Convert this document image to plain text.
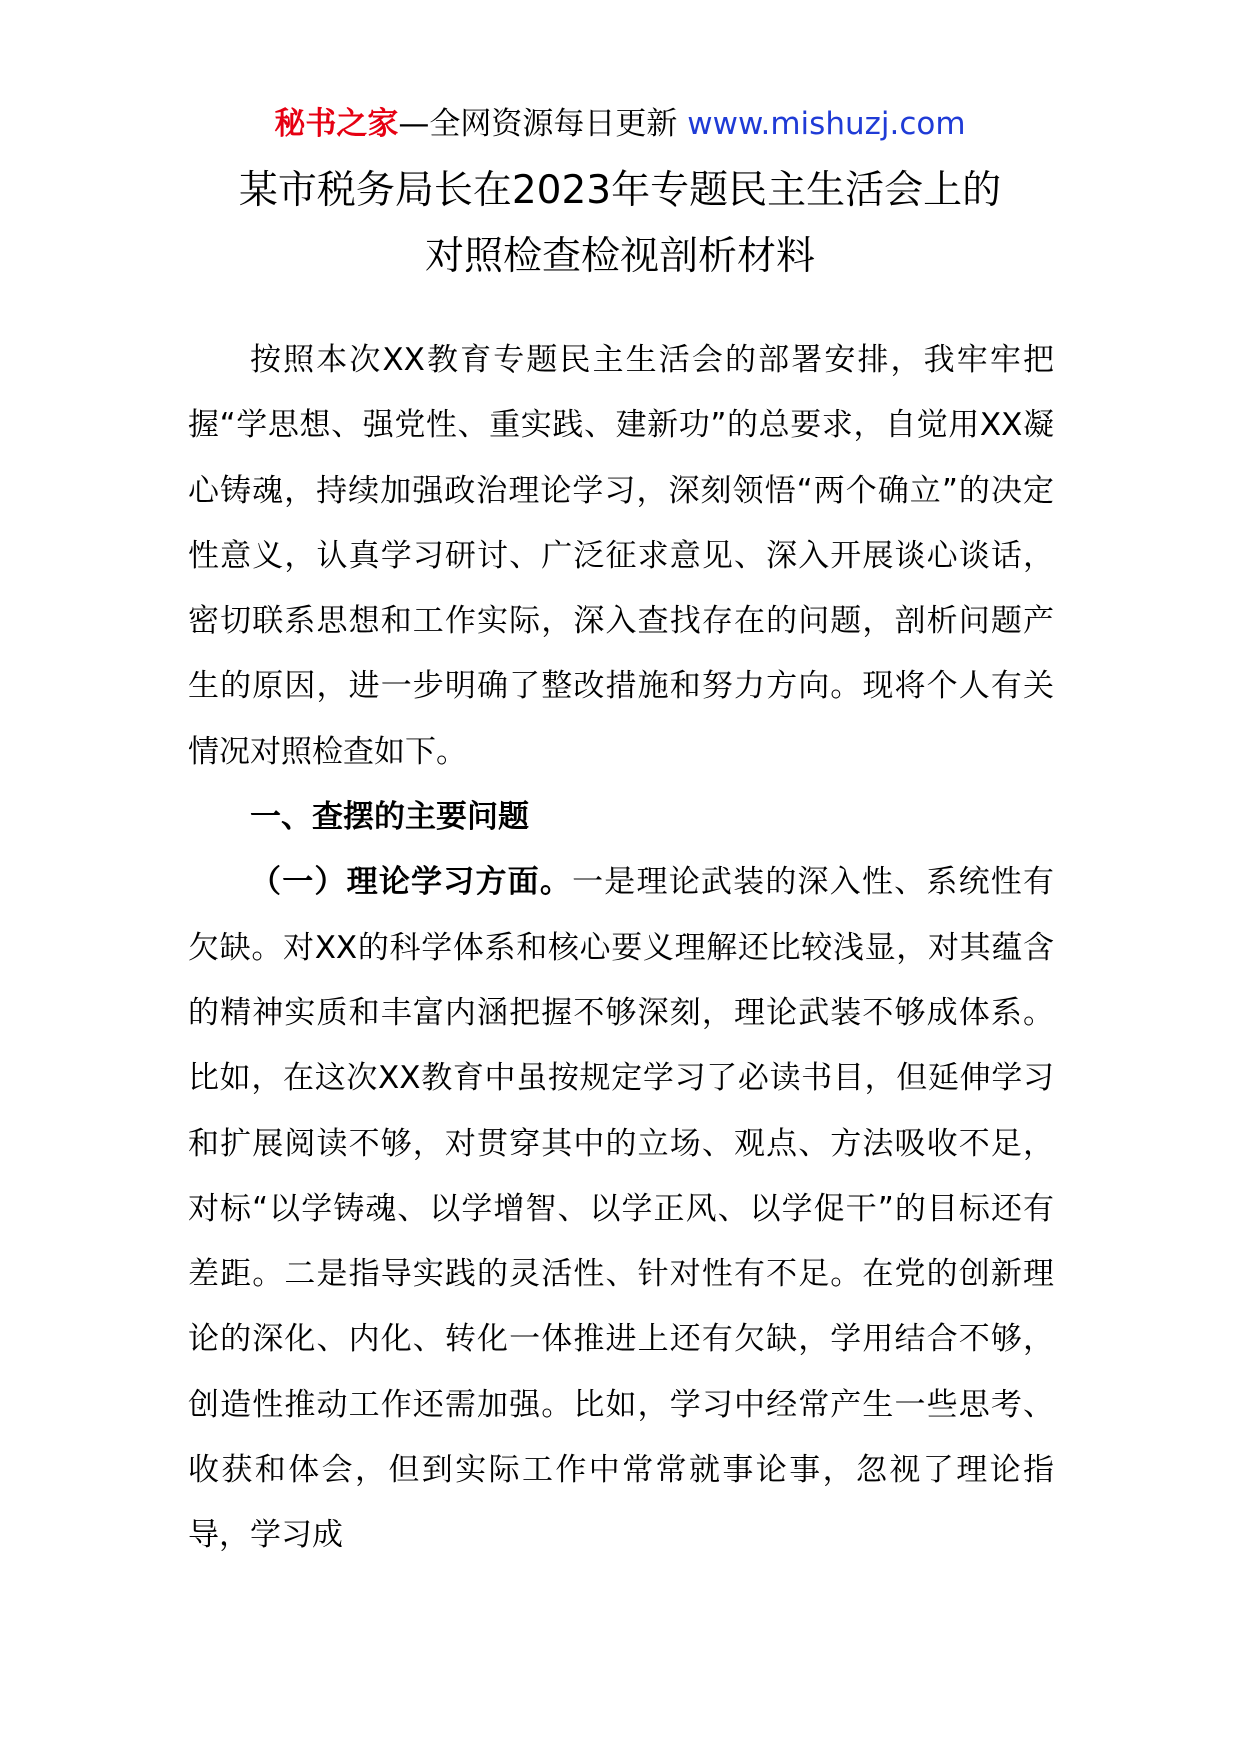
秘书之家—全网资源每日更新 www.mishuzj.com
某市税务局长在2023年专题民主生活会上的
对照检查检视剖析材料

按照本次XX教育专题民主生活会的部署安排，我牢牢把握“学思想、强党性、重实践、建新功”的总要求，自觉用XX凝心铸魂，持续加强政治理论学习，深刻领悟“两个确立”的决定性意义，认真学习研讨、广泛征求意见、深入开展谈心谈话，密切联系思想和工作实际，深入查找存在的问题，剖析问题产生的原因，进一步明确了整改措施和努力方向。现将个人有关情况对照检查如下。

一、查摆的主要问题

（一）理论学习方面。一是理论武装的深入性、系统性有欠缺。对XX的科学体系和核心要义理解还比较浅显，对其蕴含的精神实质和丰富内涵把握不够深刻，理论武装不够成体系。比如，在这次XX教育中虽按规定学习了必读书目，但延伸学习和扩展阅读不够，对贯穿其中的立场、观点、方法吸收不足，对标“以学铸魂、以学增智、以学正风、以学促干”的目标还有差距。二是指导实践的灵活性、针对性有不足。在党的创新理论的深化、内化、转化一体推进上还有欠缺，学用结合不够，创造性推动工作还需加强。比如，学习中经常产生一些思考、收获和体会，但到实际工作中常常就事论事，忽视了理论指导，学习成
